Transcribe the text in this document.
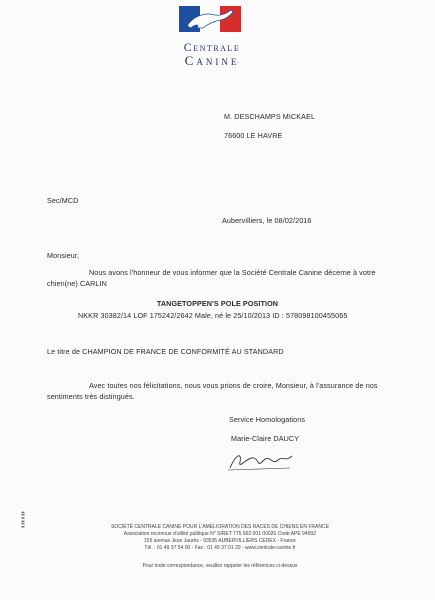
Centrale
Canine
M. DESCHAMPS MICKAEL
76600 LE HAVRE
Sec/MCD
Aubervilliers, le 08/02/2016
Monsieur,
Nous avons l'honneur de vous informer que la Société Centrale Canine décerne à votre
chien(ne) CARLIN
TANGETOPPEN'S POLE POSITION
NKKR 30382/14 LOF 175242/2642 Male, né le 25/10/2013 ID : 578098100455065
Le titre de CHAMPION DE FRANCE DE CONFORMITÉ AU STANDARD
Avec toutes nos félicitations, nous vous prions de croire, Monsieur, à l'assurance de nos
sentiments très distingués.
Service Homologations
Marie-Claire DAUCY
SOCIÉTÉ CENTRALE CANINE POUR L'AMÉLIORATION DES RACES DE CHIENS EN FRANCE
Association reconnue d'utilité publique N° SIRET 775 662 001 00026 Code APE 9499Z
155 avenue Jean Jaurès - 93535 AUBERVILLIERS CEDEX - France
Tél. : 01 49 37 54 00 - Fax : 01 49 37 01 20 - www.centrale-canine.fr
Pour toute correspondance, veuillez rappeler les références ci-dessus
▮ ▮▮ ▮ ▮▮
